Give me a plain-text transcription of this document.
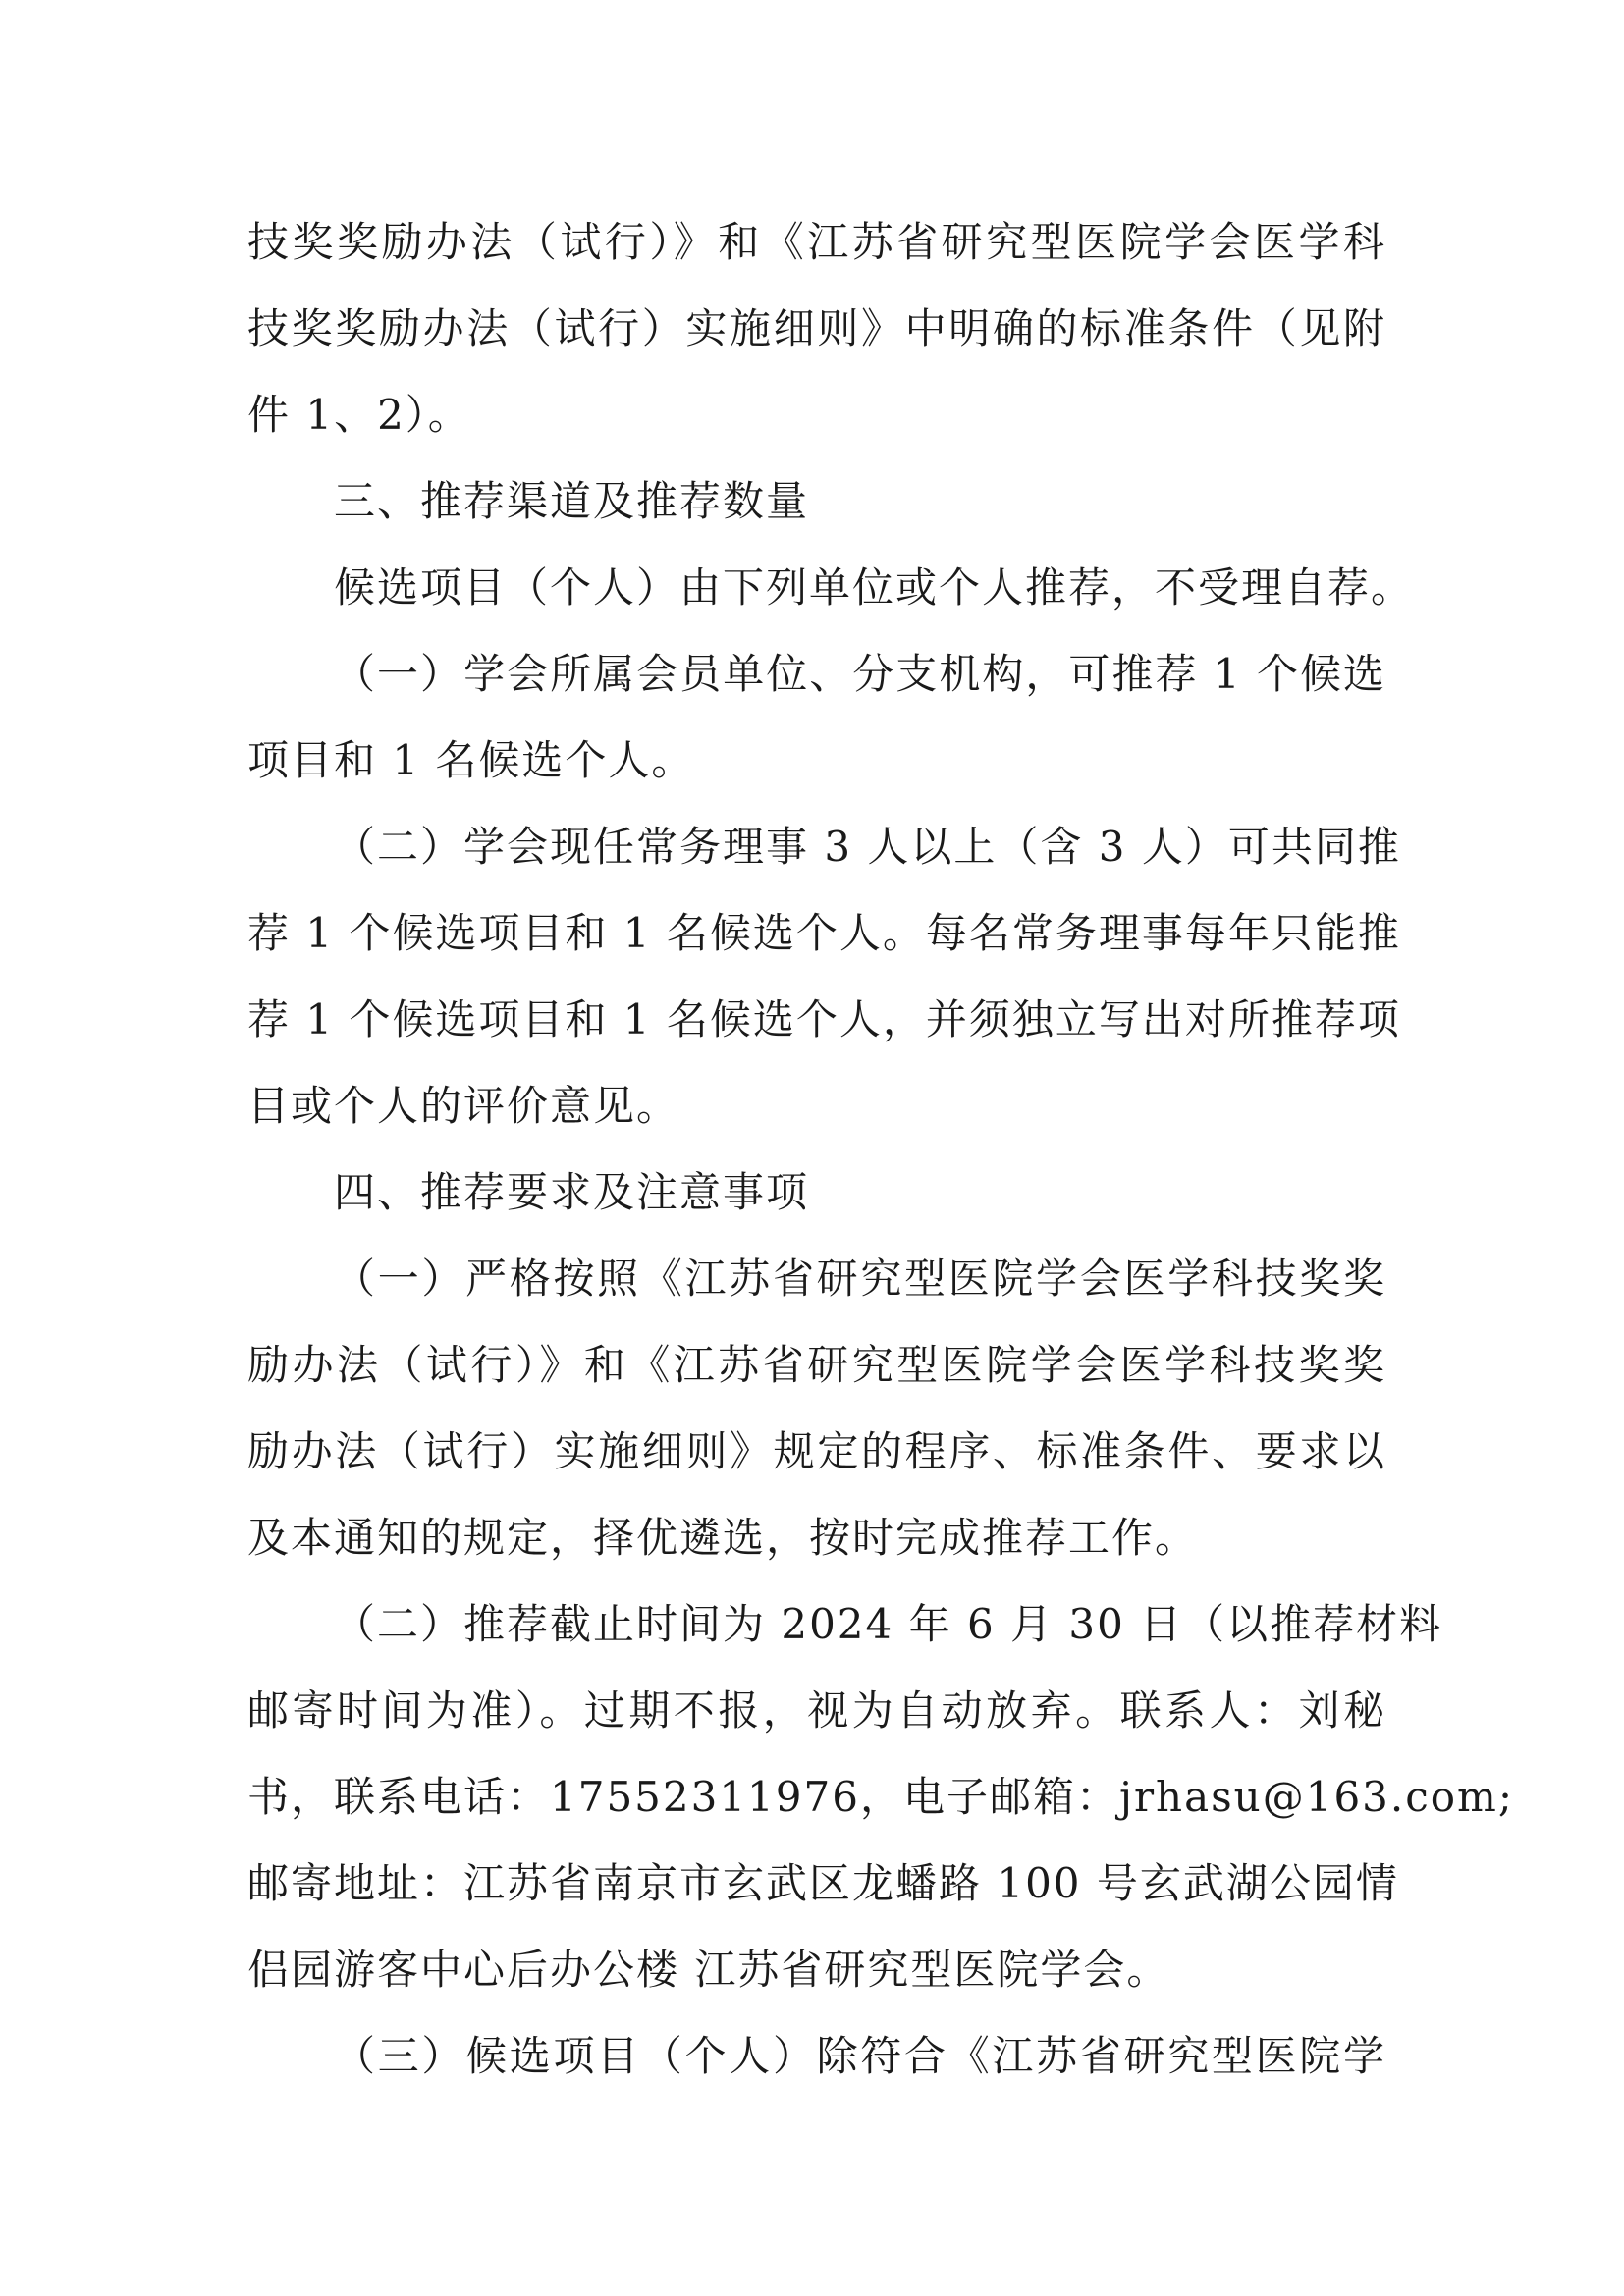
技奖奖励办法（试行）》和《江苏省研究型医院学会医学科
技奖奖励办法（试行）实施细则》中明确的标准条件（见附
件 1、2）。
三、推荐渠道及推荐数量
候选项目（个人）由下列单位或个人推荐，不受理自荐。
（一）学会所属会员单位、分支机构，可推荐 1 个候选
项目和 1 名候选个人。
（二）学会现任常务理事 3 人以上（含 3 人）可共同推
荐 1 个候选项目和 1 名候选个人。每名常务理事每年只能推
荐 1 个候选项目和 1 名候选个人，并须独立写出对所推荐项
目或个人的评价意见。
四、推荐要求及注意事项
（一）严格按照《江苏省研究型医院学会医学科技奖奖
励办法（试行）》和《江苏省研究型医院学会医学科技奖奖
励办法（试行）实施细则》规定的程序、标准条件、要求以
及本通知的规定，择优遴选，按时完成推荐工作。
（二）推荐截止时间为 2024 年 6 月 30 日（以推荐材料
邮寄时间为准）。过期不报，视为自动放弃。联系人：刘秘
书，联系电话：17552311976，电子邮箱：jrhasu@163.com;
邮寄地址：江苏省南京市玄武区龙蟠路 100 号玄武湖公园情
侣园游客中心后办公楼 江苏省研究型医院学会。
（三）候选项目（个人）除符合《江苏省研究型医院学
